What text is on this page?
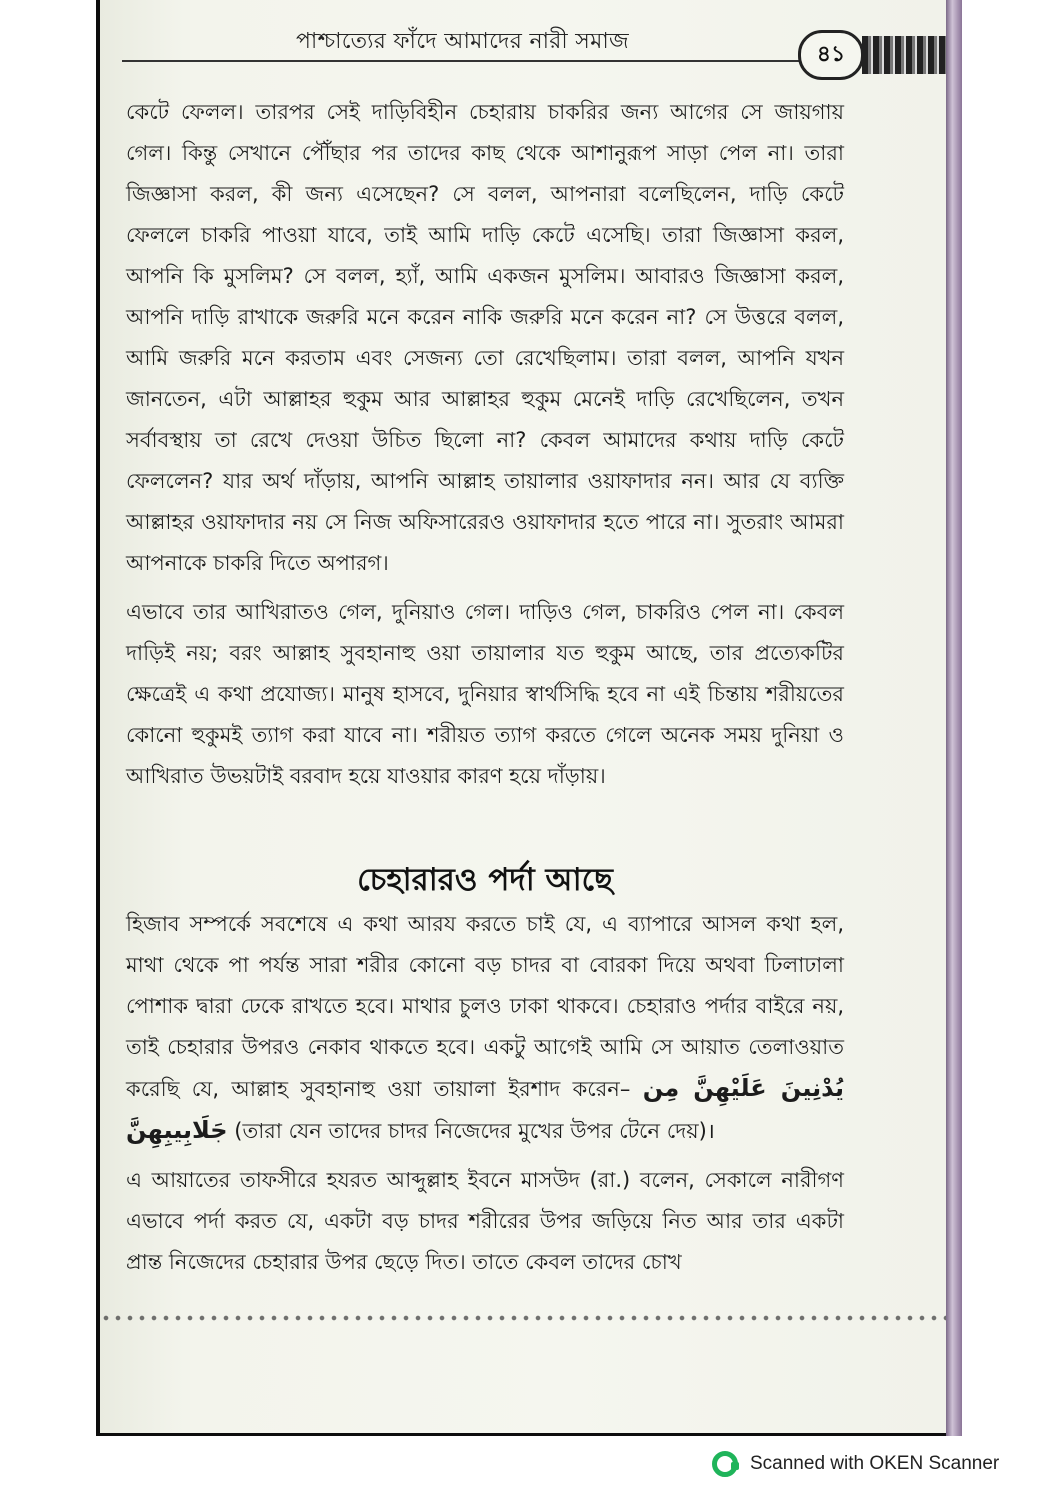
পাশ্চাত্যের ফাঁদে আমাদের নারী সমাজ	৪১

কেটে ফেলল। তারপর সেই দাড়িবিহীন চেহারায় চাকরির জন্য আগের সে জায়গায় গেল। কিন্তু সেখানে পৌঁছার পর তাদের কাছ থেকে আশানুরূপ সাড়া পেল না। তারা জিজ্ঞাসা করল, কী জন্য এসেছেন? সে বলল, আপনারা বলেছিলেন, দাড়ি কেটে ফেললে চাকরি পাওয়া যাবে, তাই আমি দাড়ি কেটে এসেছি। তারা জিজ্ঞাসা করল, আপনি কি মুসলিম? সে বলল, হ্যাঁ, আমি একজন মুসলিম। আবারও জিজ্ঞাসা করল, আপনি দাড়ি রাখাকে জরুরি মনে করেন নাকি জরুরি মনে করেন না? সে উত্তরে বলল, আমি জরুরি মনে করতাম এবং সেজন্য তো রেখেছিলাম। তারা বলল, আপনি যখন জানতেন, এটা আল্লাহর হুকুম আর আল্লাহর হুকুম মেনেই দাড়ি রেখেছিলেন, তখন সর্বাবস্থায় তা রেখে দেওয়া উচিত ছিলো না? কেবল আমাদের কথায় দাড়ি কেটে ফেললেন? যার অর্থ দাঁড়ায়, আপনি আল্লাহ তায়ালার ওয়াফাদার নন। আর যে ব্যক্তি আল্লাহর ওয়াফাদার নয় সে নিজ অফিসারেরও ওয়াফাদার হতে পারে না। সুতরাং আমরা আপনাকে চাকরি দিতে অপারগ।

এভাবে তার আখিরাতও গেল, দুনিয়াও গেল। দাড়িও গেল, চাকরিও পেল না। কেবল দাড়িই নয়; বরং আল্লাহ সুবহানাহু ওয়া তায়ালার যত হুকুম আছে, তার প্রত্যেকটির ক্ষেত্রেই এ কথা প্রযোজ্য। মানুষ হাসবে, দুনিয়ার স্বার্থসিদ্ধি হবে না এই চিন্তায় শরীয়তের কোনো হুকুমই ত্যাগ করা যাবে না। শরীয়ত ত্যাগ করতে গেলে অনেক সময় দুনিয়া ও আখিরাত উভয়টাই বরবাদ হয়ে যাওয়ার কারণ হয়ে দাঁড়ায়।

চেহারারও পর্দা আছে

হিজাব সম্পর্কে সবশেষে এ কথা আরয করতে চাই যে, এ ব্যাপারে আসল কথা হল, মাথা থেকে পা পর্যন্ত সারা শরীর কোনো বড় চাদর বা বোরকা দিয়ে অথবা ঢিলাঢালা পোশাক দ্বারা ঢেকে রাখতে হবে। মাথার চুলও ঢাকা থাকবে। চেহারাও পর্দার বাইরে নয়, তাই চেহারার উপরও নেকাব থাকতে হবে। একটু আগেই আমি সে আয়াত তেলাওয়াত করেছি যে, আল্লাহ সুবহানাহু ওয়া তায়ালা ইরশাদ করেন– يُدْنِينَ عَلَيْهِنَّ مِن جَلَابِيبِهِنَّ (তারা যেন তাদের চাদর নিজেদের মুখের উপর টেনে দেয়)।

এ আয়াতের তাফসীরে হযরত আব্দুল্লাহ ইবনে মাসউদ (রা.) বলেন, সেকালে নারীগণ এভাবে পর্দা করত যে, একটা বড় চাদর শরীরের উপর জড়িয়ে নিত আর তার একটা প্রান্ত নিজেদের চেহারার উপর ছেড়ে দিত। তাতে কেবল তাদের চোখ

Scanned with OKEN Scanner
